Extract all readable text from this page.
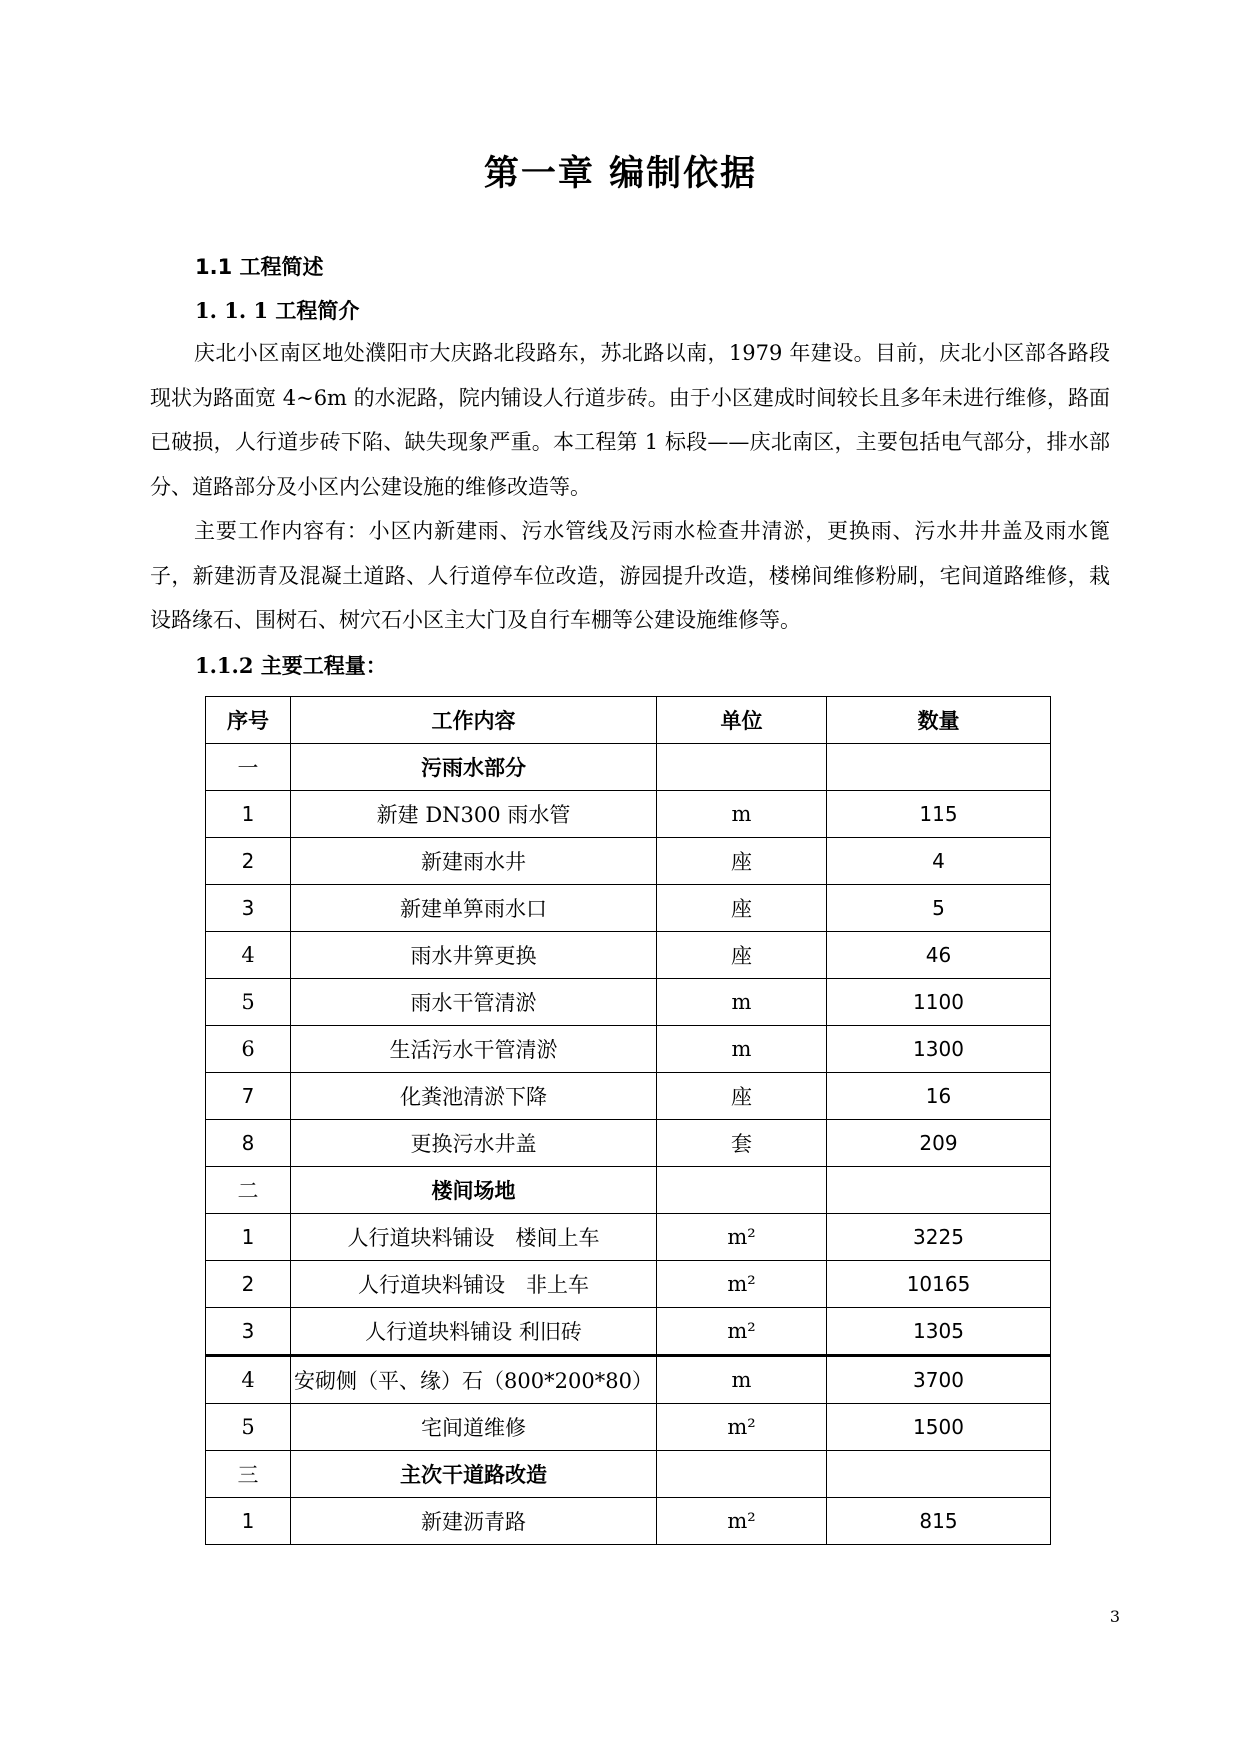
第一章 编制依据
1.1 工程简述
1. 1. 1 工程简介

庆北小区南区地处濮阳市大庆路北段路东，苏北路以南，1979 年建设。目前，庆北小区部各路段现状为路面宽 4~6m 的水泥路，院内铺设人行道步砖。由于小区建成时间较长且多年未进行维修，路面已破损，人行道步砖下陷、缺失现象严重。本工程第 1 标段——庆北南区，主要包括电气部分，排水部分、道路部分及小区内公建设施的维修改造等。

主要工作内容有：小区内新建雨、污水管线及污雨水检查井清淤，更换雨、污水井井盖及雨水篦子，新建沥青及混凝土道路、人行道停车位改造，游园提升改造，楼梯间维修粉刷，宅间道路维修，栽设路缘石、围树石、树穴石小区主大门及自行车棚等公建设施维修等。

1.1.2 主要工程量：
序号	工作内容	单位	数量
一	污雨水部分		
1	新建 DN300 雨水管	m	115
2	新建雨水井	座	4
3	新建单箅雨水口	座	5
4	雨水井箅更换	座	46
5	雨水干管清淤	m	1100
6	生活污水干管清淤	m	1300
7	化粪池清淤下降	座	16
8	更换污水井盖	套	209
二	楼间场地		
1	人行道块料铺设　楼间上车	m²	3225
2	人行道块料铺设　非上车	m²	10165
3	人行道块料铺设 利旧砖	m²	1305
4	安砌侧（平、缘）石（800*200*80）	m	3700
5	宅间道维修	m²	1500
三	主次干道路改造		
1	新建沥青路	m²	815

3
